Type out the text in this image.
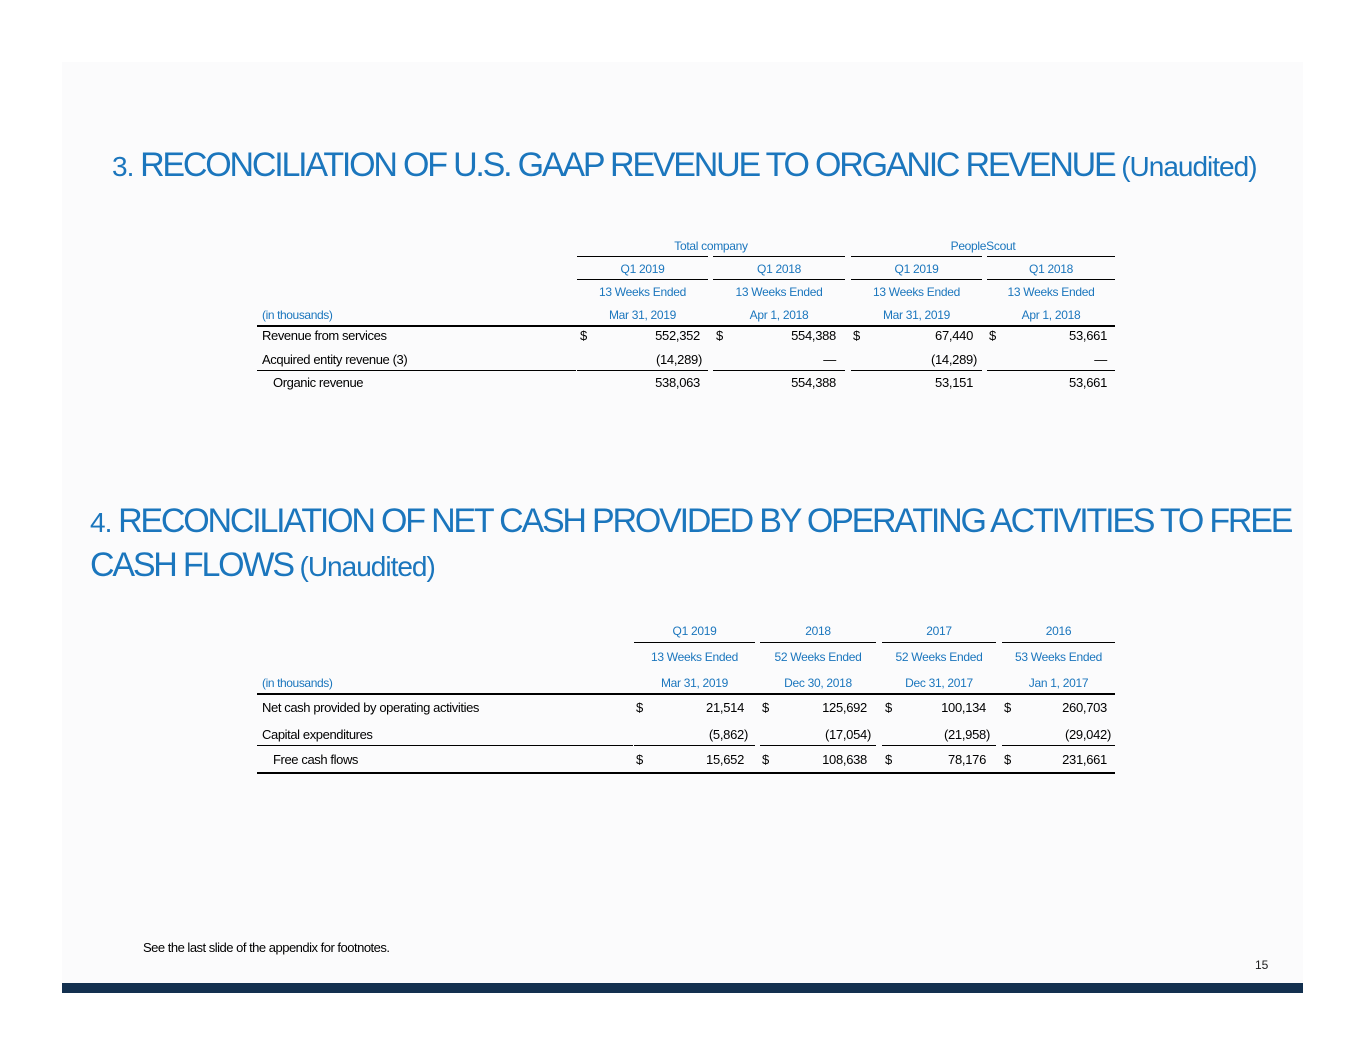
3. RECONCILIATION OF U.S. GAAP REVENUE TO ORGANIC REVENUE (Unaudited)
Total company	PeopleScout
Q1 2019	Q1 2018	Q1 2019	Q1 2018
13 Weeks Ended	13 Weeks Ended	13 Weeks Ended	13 Weeks Ended
(in thousands)	Mar 31, 2019	Apr 1, 2018	Mar 31, 2019	Apr 1, 2018
Revenue from services	$	552,352 $	554,388 $	67,440 $	53,661
Acquired entity revenue (3)	(14,289)	—	(14,289)	—
Organic revenue	538,063	554,388	53,151	53,661
4. RECONCILIATION OF NET CASH PROVIDED BY OPERATING ACTIVITIES TO FREE
CASH FLOWS (Unaudited)
Q1 2019	2018	2017	2016
13 Weeks Ended	52 Weeks Ended	52 Weeks Ended	53 Weeks Ended
(in thousands)	Mar 31, 2019	Dec 30, 2018	Dec 31, 2017	Jan 1, 2017
Net cash provided by operating activities	$	21,514 $	125,692 $	100,134 $	260,703
Capital expenditures	(5,862)	(17,054)	(21,958)	(29,042)
Free cash flows	$	15,652 $	108,638 $	78,176 $	231,661
See the last slide of the appendix for footnotes.
15
